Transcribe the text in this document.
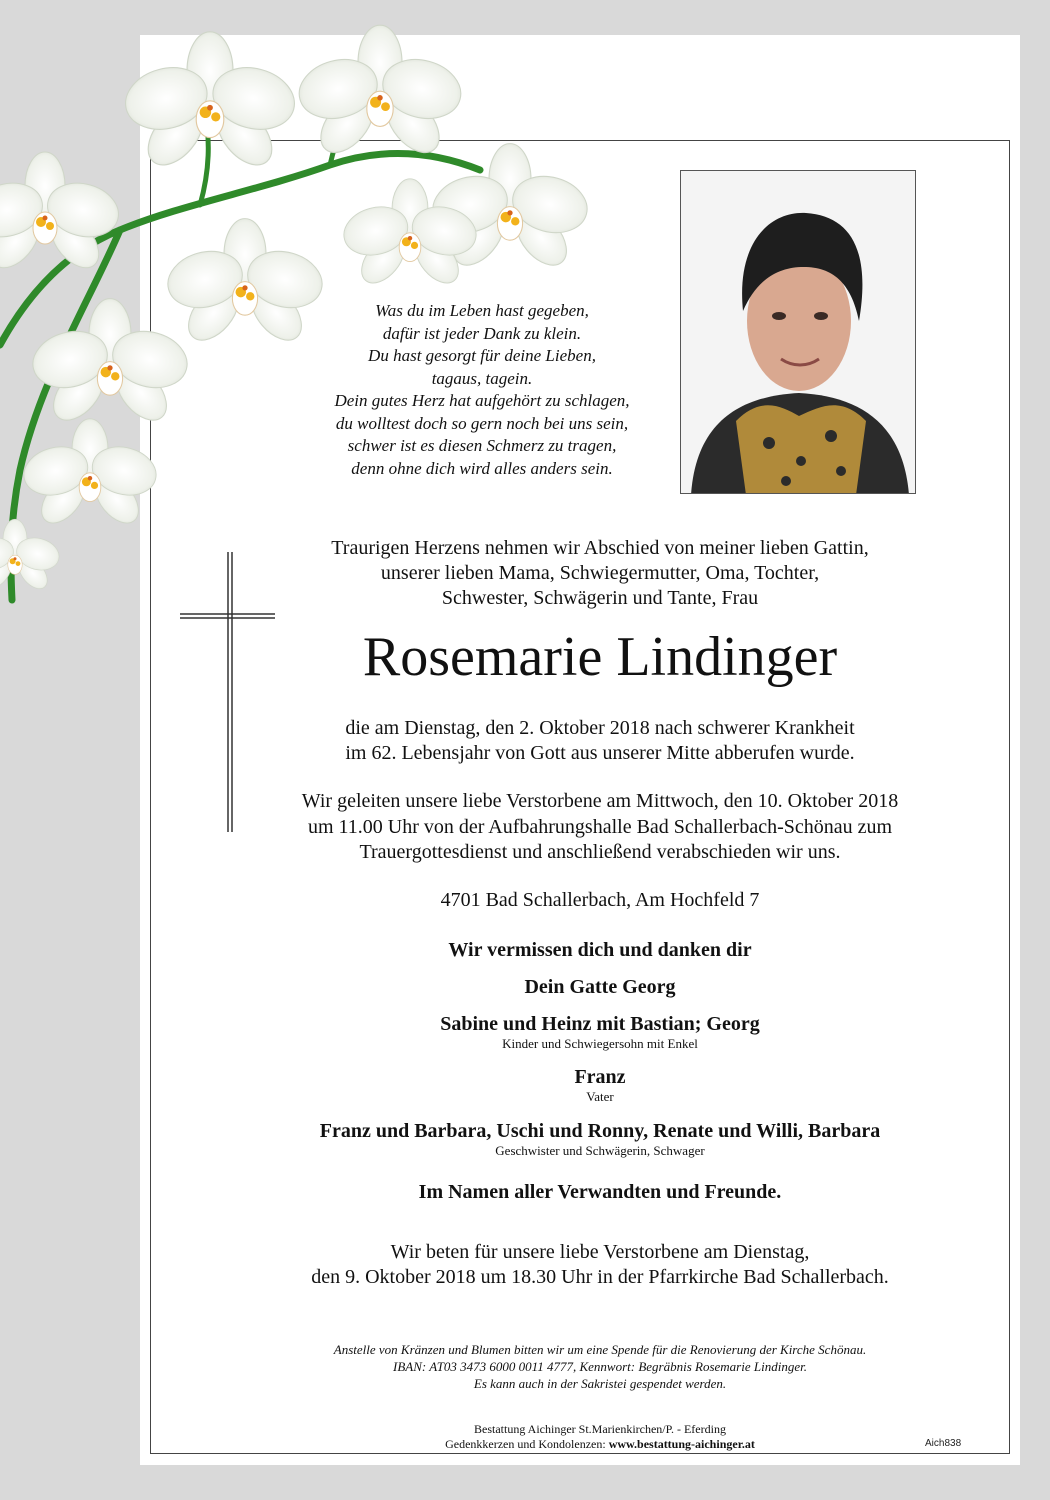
Was du im Leben hast gegeben,
dafür ist jeder Dank zu klein.
Du hast gesorgt für deine Lieben,
tagaus, tagein.
Dein gutes Herz hat aufgehört zu schlagen,
du wolltest doch so gern noch bei uns sein,
schwer ist es diesen Schmerz zu tragen,
denn ohne dich wird alles anders sein.
Traurigen Herzens nehmen wir Abschied von meiner lieben Gattin,
unserer lieben Mama, Schwiegermutter, Oma, Tochter,
Schwester, Schwägerin und Tante, Frau
Rosemarie Lindinger
die am Dienstag, den 2. Oktober 2018 nach schwerer Krankheit
im 62. Lebensjahr von Gott aus unserer Mitte abberufen wurde.
Wir geleiten unsere liebe Verstorbene am Mittwoch, den 10. Oktober 2018
um 11.00 Uhr von der Aufbahrungshalle Bad Schallerbach-Schönau zum
Trauergottesdienst und anschließend verabschieden wir uns.
4701 Bad Schallerbach, Am Hochfeld 7
Wir vermissen dich und danken dir
Dein Gatte Georg
Sabine und Heinz mit Bastian; Georg
Kinder und Schwiegersohn mit Enkel
Franz
Vater
Franz und Barbara, Uschi und Ronny, Renate und Willi, Barbara
Geschwister und Schwägerin, Schwager
Im Namen aller Verwandten und Freunde.
Wir beten für unsere liebe Verstorbene am Dienstag,
den 9. Oktober 2018 um 18.30 Uhr in der Pfarrkirche Bad Schallerbach.
Anstelle von Kränzen und Blumen bitten wir um eine Spende für die Renovierung der Kirche Schönau.
IBAN: AT03 3473 6000 0011 4777, Kennwort: Begräbnis Rosemarie Lindinger.
Es kann auch in der Sakristei gespendet werden.
Bestattung Aichinger St.Marienkirchen/P. - Eferding
Gedenkkerzen und Kondolenzen: www.bestattung-aichinger.at	Aich838
